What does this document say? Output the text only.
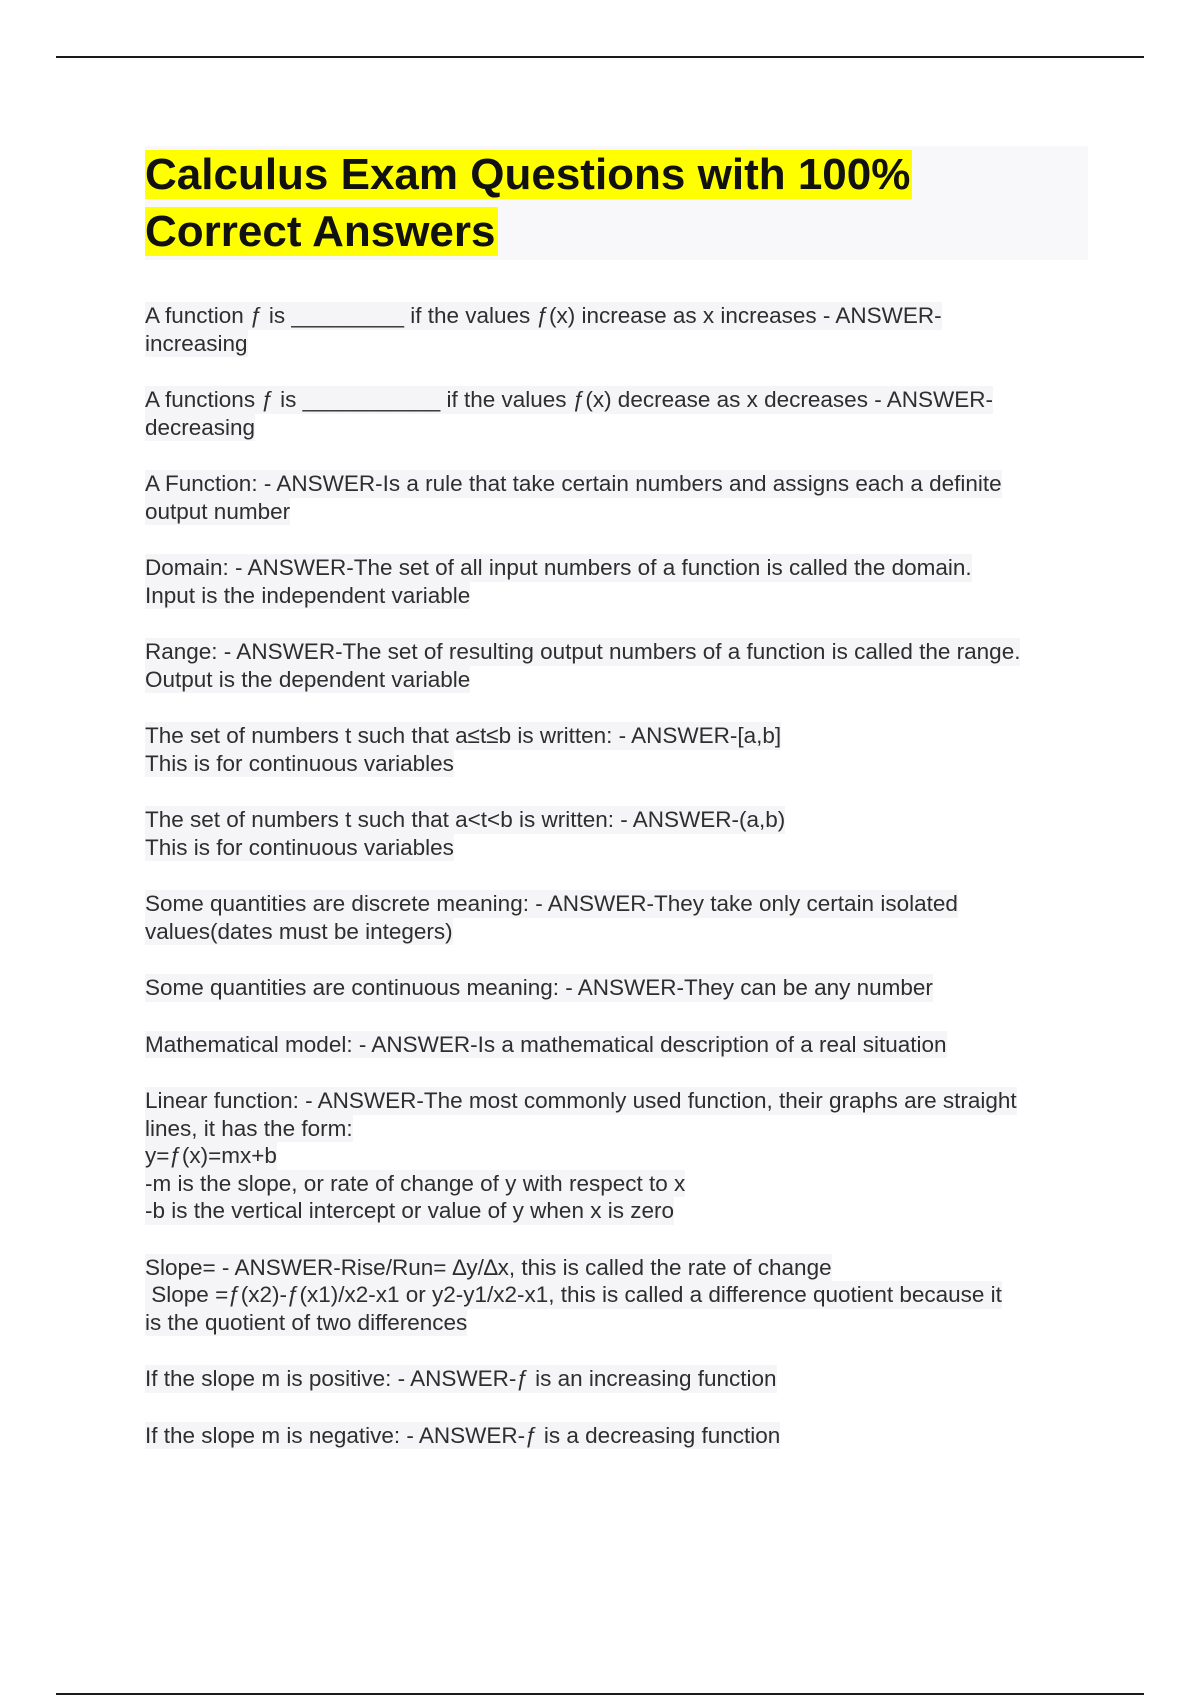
Calculus Exam Questions with 100%
Correct Answers
A function ƒ is _________ if the values ƒ(x) increase as x increases - ANSWER-
increasing
A functions ƒ is ___________ if the values ƒ(x) decrease as x decreases - ANSWER-
decreasing
A Function: - ANSWER-Is a rule that take certain numbers and assigns each a definite
output number
Domain: - ANSWER-The set of all input numbers of a function is called the domain.
Input is the independent variable
Range: - ANSWER-The set of resulting output numbers of a function is called the range.
Output is the dependent variable
The set of numbers t such that a≤t≤b is written: - ANSWER-[a,b]
This is for continuous variables
The set of numbers t such that a<t<b is written: - ANSWER-(a,b)
This is for continuous variables
Some quantities are discrete meaning: - ANSWER-They take only certain isolated
values(dates must be integers)
Some quantities are continuous meaning: - ANSWER-They can be any number
Mathematical model: - ANSWER-Is a mathematical description of a real situation
Linear function: - ANSWER-The most commonly used function, their graphs are straight
lines, it has the form:
y=ƒ(x)=mx+b
-m is the slope, or rate of change of y with respect to x
-b is the vertical intercept or value of y when x is zero
Slope= - ANSWER-Rise/Run= ∆y/∆x, this is called the rate of change
Slope =ƒ(x2)-ƒ(x1)/x2-x1 or y2-y1/x2-x1, this is called a difference quotient because it
is the quotient of two differences
If the slope m is positive: - ANSWER-ƒ is an increasing function
If the slope m is negative: - ANSWER-ƒ is a decreasing function
